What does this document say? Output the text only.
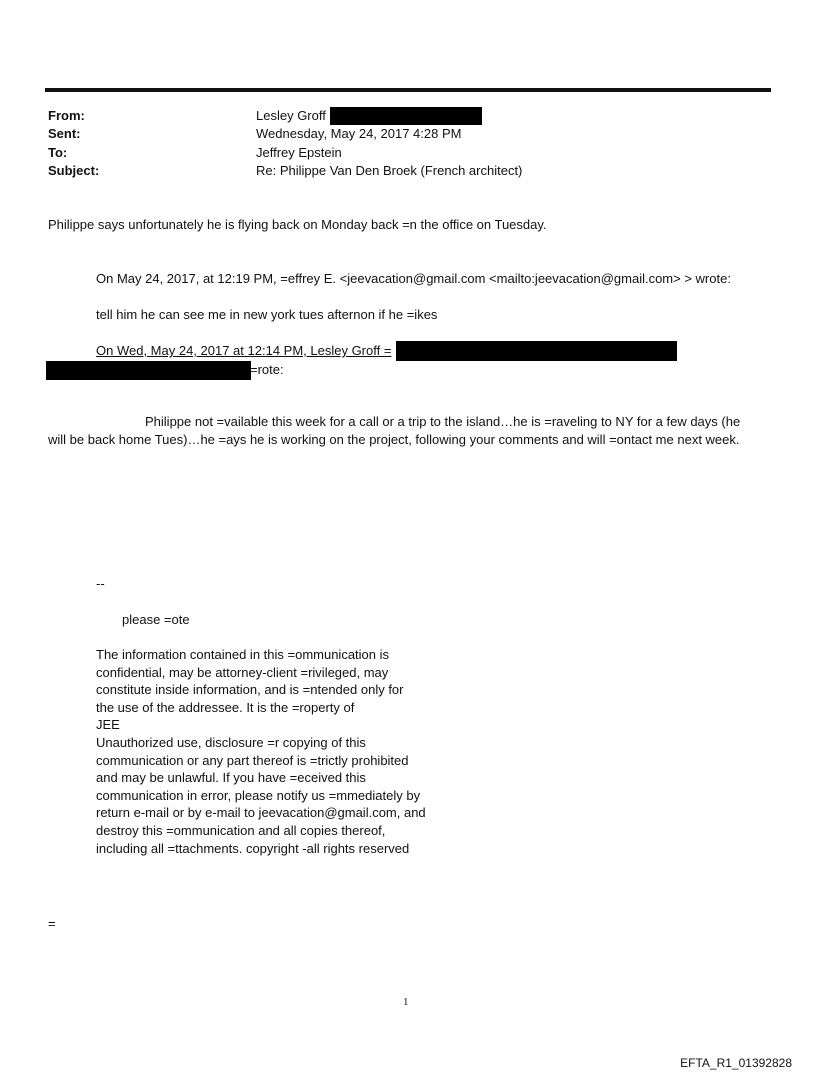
From:	Lesley Groff
Sent:	Wednesday, May 24, 2017 4:28 PM
To:	Jeffrey Epstein
Subject:	Re: Philippe Van Den Broek (French architect)
Philippe says unfortunately he is flying back on Monday back =n the office on Tuesday.
On May 24, 2017, at 12:19 PM, =effrey E. <jeevacation@gmail.com <mailto:jeevacation@gmail.com> > wrote:
tell him he can see me in new york tues afternon if he =ikes
On Wed, May 24, 2017 at 12:14 PM, Lesley Groff =
=rote:
Philippe not =vailable this week for a call or a trip to the island…he is =raveling to NY for a few days (he
will be back home Tues)…he =ays he is working on the project, following your comments and will =ontact me next week.
--
please =ote
The information contained in this =ommunication is
confidential, may be attorney-client =rivileged, may
constitute inside information, and is =ntended only for
the use of the addressee. It is the =roperty of
JEE
Unauthorized use, disclosure =r copying of this
communication or any part thereof is =trictly prohibited
and may be unlawful. If you have =eceived this
communication in error, please notify us =mmediately by
return e-mail or by e-mail to jeevacation@gmail.com, and
destroy this =ommunication and all copies thereof,
including all =ttachments. copyright -all rights reserved
=
1
EFTA_R1_01392828
